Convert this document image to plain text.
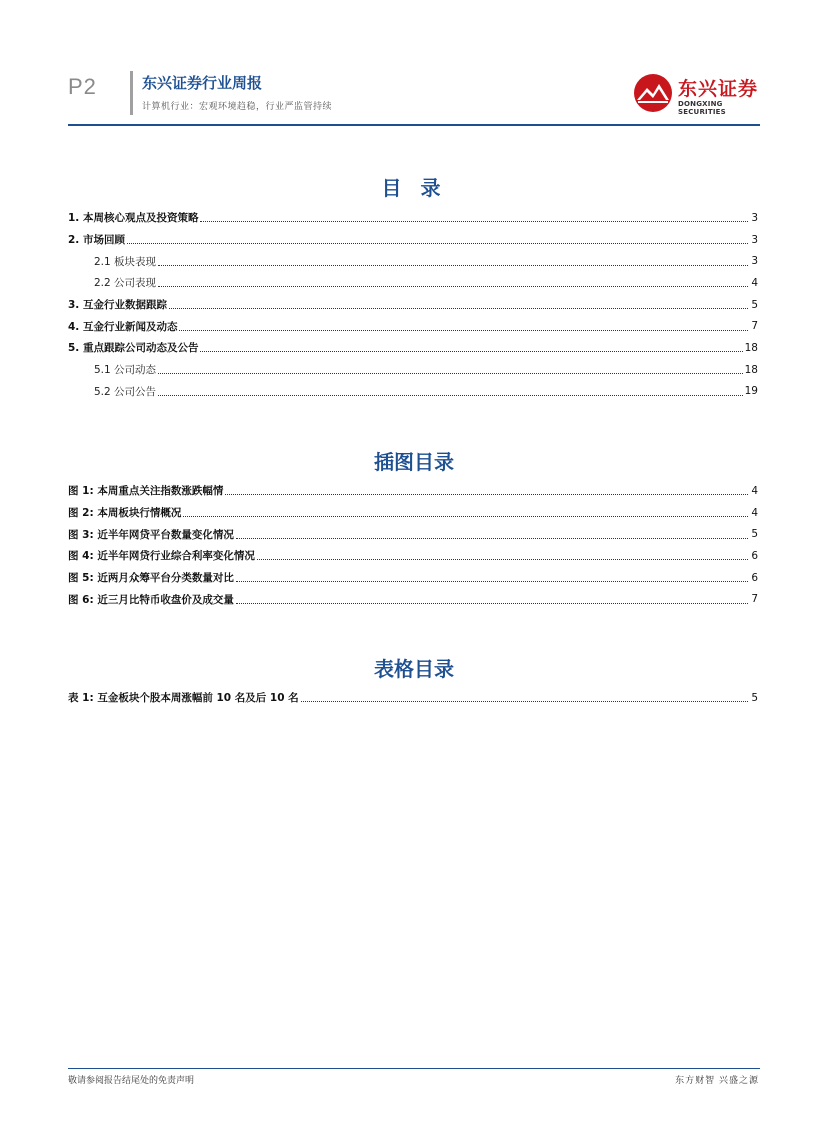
P2	东兴证券行业周报
计算机行业：宏观环境趋稳，行业严监管持续
东兴证券
DONGXING SECURITIES
目 录
1. 本周核心观点及投资策略	3
2. 市场回顾	3
2.1 板块表现	3
2.2 公司表现	4
3. 互金行业数据跟踪	5
4. 互金行业新闻及动态	7
5. 重点跟踪公司动态及公告	18
5.1 公司动态	18
5.2 公司公告	19
插图目录
图 1: 本周重点关注指数涨跌幅情	4
图 2: 本周板块行情概况	4
图 3: 近半年网贷平台数量变化情况	5
图 4: 近半年网贷行业综合利率变化情况	6
图 5: 近两月众筹平台分类数量对比	6
图 6: 近三月比特币收盘价及成交量	7
表格目录
表 1: 互金板块个股本周涨幅前 10 名及后 10 名	5
敬请参阅报告结尾处的免责声明	东方财智 兴盛之源
